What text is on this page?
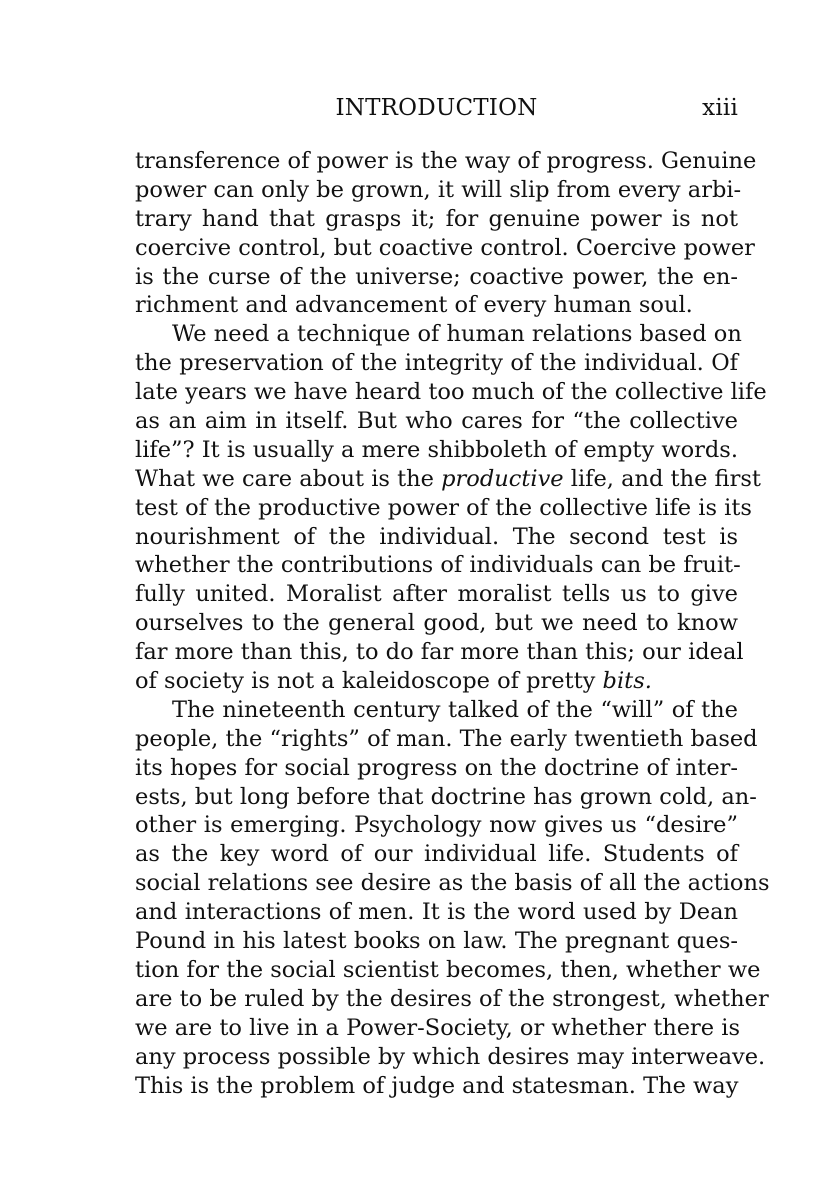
INTRODUCTION	xiii
transference of power is the way of progress. Genuine
power can only be grown, it will slip from every arbi-
trary hand that grasps it; for genuine power is not
coercive control, but coactive control. Coercive power
is the curse of the universe; coactive power, the en-
richment and advancement of every human soul.
We need a technique of human relations based on
the preservation of the integrity of the individual. Of
late years we have heard too much of the collective life
as an aim in itself. But who cares for “the collective
life”? It is usually a mere shibboleth of empty words.
What we care about is the productive life, and the first
test of the productive power of the collective life is its
nourishment of the individual. The second test is
whether the contributions of individuals can be fruit-
fully united. Moralist after moralist tells us to give
ourselves to the general good, but we need to know
far more than this, to do far more than this; our ideal
of society is not a kaleidoscope of pretty bits.
The nineteenth century talked of the “will” of the
people, the “rights” of man. The early twentieth based
its hopes for social progress on the doctrine of inter-
ests, but long before that doctrine has grown cold, an-
other is emerging. Psychology now gives us “desire”
as the key word of our individual life. Students of
social relations see desire as the basis of all the actions
and interactions of men. It is the word used by Dean
Pound in his latest books on law. The pregnant ques-
tion for the social scientist becomes, then, whether we
are to be ruled by the desires of the strongest, whether
we are to live in a Power-Society, or whether there is
any process possible by which desires may interweave.
This is the problem of judge and statesman. The way
